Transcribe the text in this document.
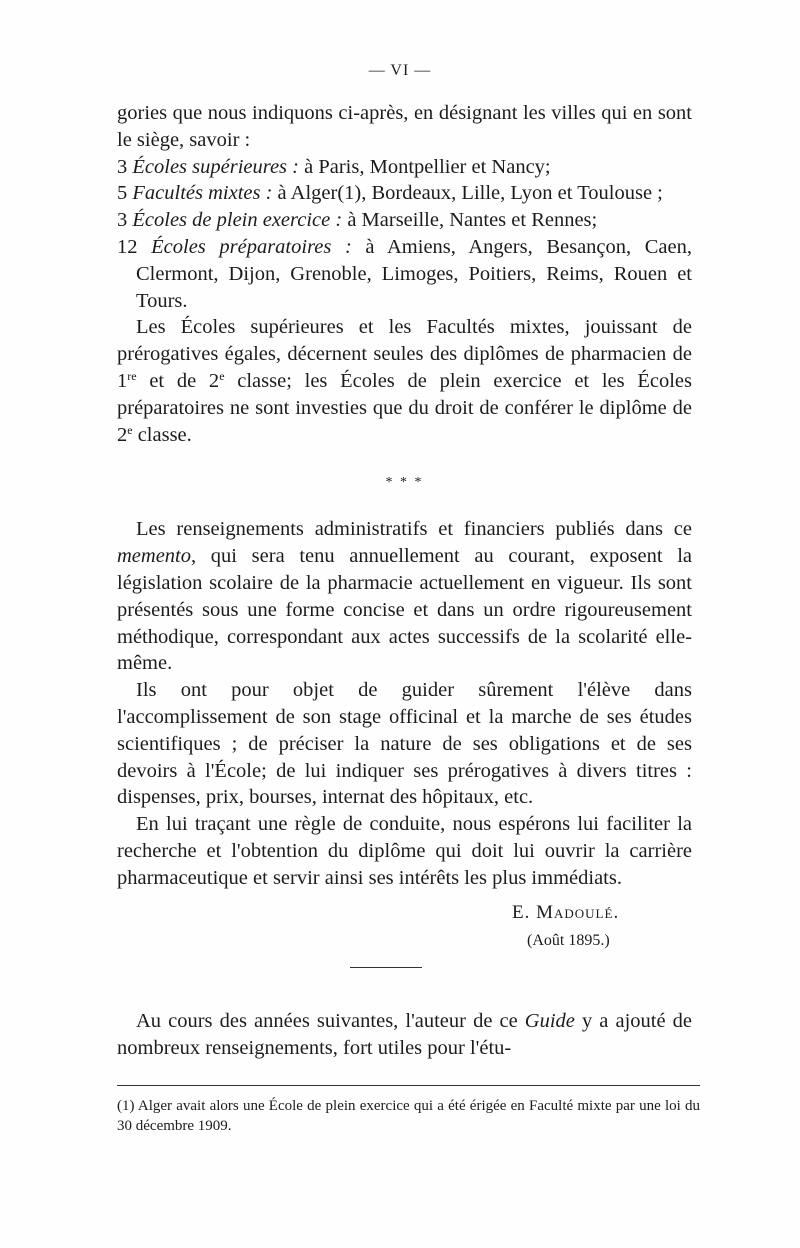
— VI —

gories que nous indiquons ci-après, en désignant les villes qui en sont le siège, savoir :

3 Écoles supérieures : à Paris, Montpellier et Nancy;

5 Facultés mixtes : à Alger(1), Bordeaux, Lille, Lyon et Toulouse ;

3 Écoles de plein exercice : à Marseille, Nantes et Rennes;

12 Écoles préparatoires : à Amiens, Angers, Besançon, Caen, Clermont, Dijon, Grenoble, Limoges, Poitiers, Reims, Rouen et Tours.

Les Écoles supérieures et les Facultés mixtes, jouissant de prérogatives égales, décernent seules des diplômes de pharmacien de 1re et de 2e classe; les Écoles de plein exercice et les Écoles préparatoires ne sont investies que du droit de conférer le diplôme de 2e classe.

* * *

Les renseignements administratifs et financiers publiés dans ce memento, qui sera tenu annuellement au courant, exposent la législation scolaire de la pharmacie actuellement en vigueur. Ils sont présentés sous une forme concise et dans un ordre rigoureusement méthodique, correspondant aux actes successifs de la scolarité elle-même.

Ils ont pour objet de guider sûrement l'élève dans l'accomplissement de son stage officinal et la marche de ses études scientifiques ; de préciser la nature de ses obligations et de ses devoirs à l'École; de lui indiquer ses prérogatives à divers titres : dispenses, prix, bourses, internat des hôpitaux, etc.

En lui traçant une règle de conduite, nous espérons lui faciliter la recherche et l'obtention du diplôme qui doit lui ouvrir la carrière pharmaceutique et servir ainsi ses intérêts les plus immédiats.

E. Madoulé.
(Août 1895.)

Au cours des années suivantes, l'auteur de ce Guide y a ajouté de nombreux renseignements, fort utiles pour l'étu-

(1) Alger avait alors une École de plein exercice qui a été érigée en Faculté mixte par une loi du 30 décembre 1909.
